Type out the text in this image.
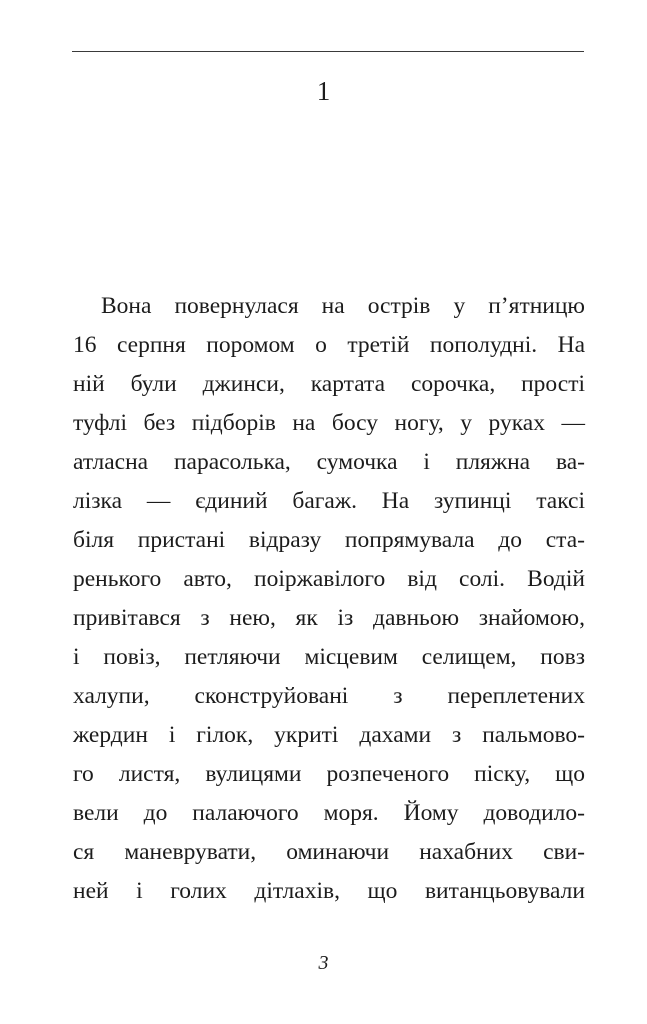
1
Вона повернулася на острів у п’ятницю
16 серпня поромом о третій пополудні. На
ній були джинси, картата сорочка, прості
туфлі без підборів на босу ногу, у руках —
атласна парасолька, сумочка і пляжна ва-
лізка — єдиний багаж. На зупинці таксі
біля пристані відразу попрямувала до ста-
ренького авто, поіржавілого від солі. Водій
привітався з нею, як із давньою знайомою,
і повіз, петляючи місцевим селищем, повз
халупи, сконструйовані з переплетених
жердин і гілок, укриті дахами з пальмово-
го листя, вулицями розпеченого піску, що
вели до палаючого моря. Йому доводило-
ся маневрувати, оминаючи нахабних сви-
ней і голих дітлахів, що витанцьовували
3
